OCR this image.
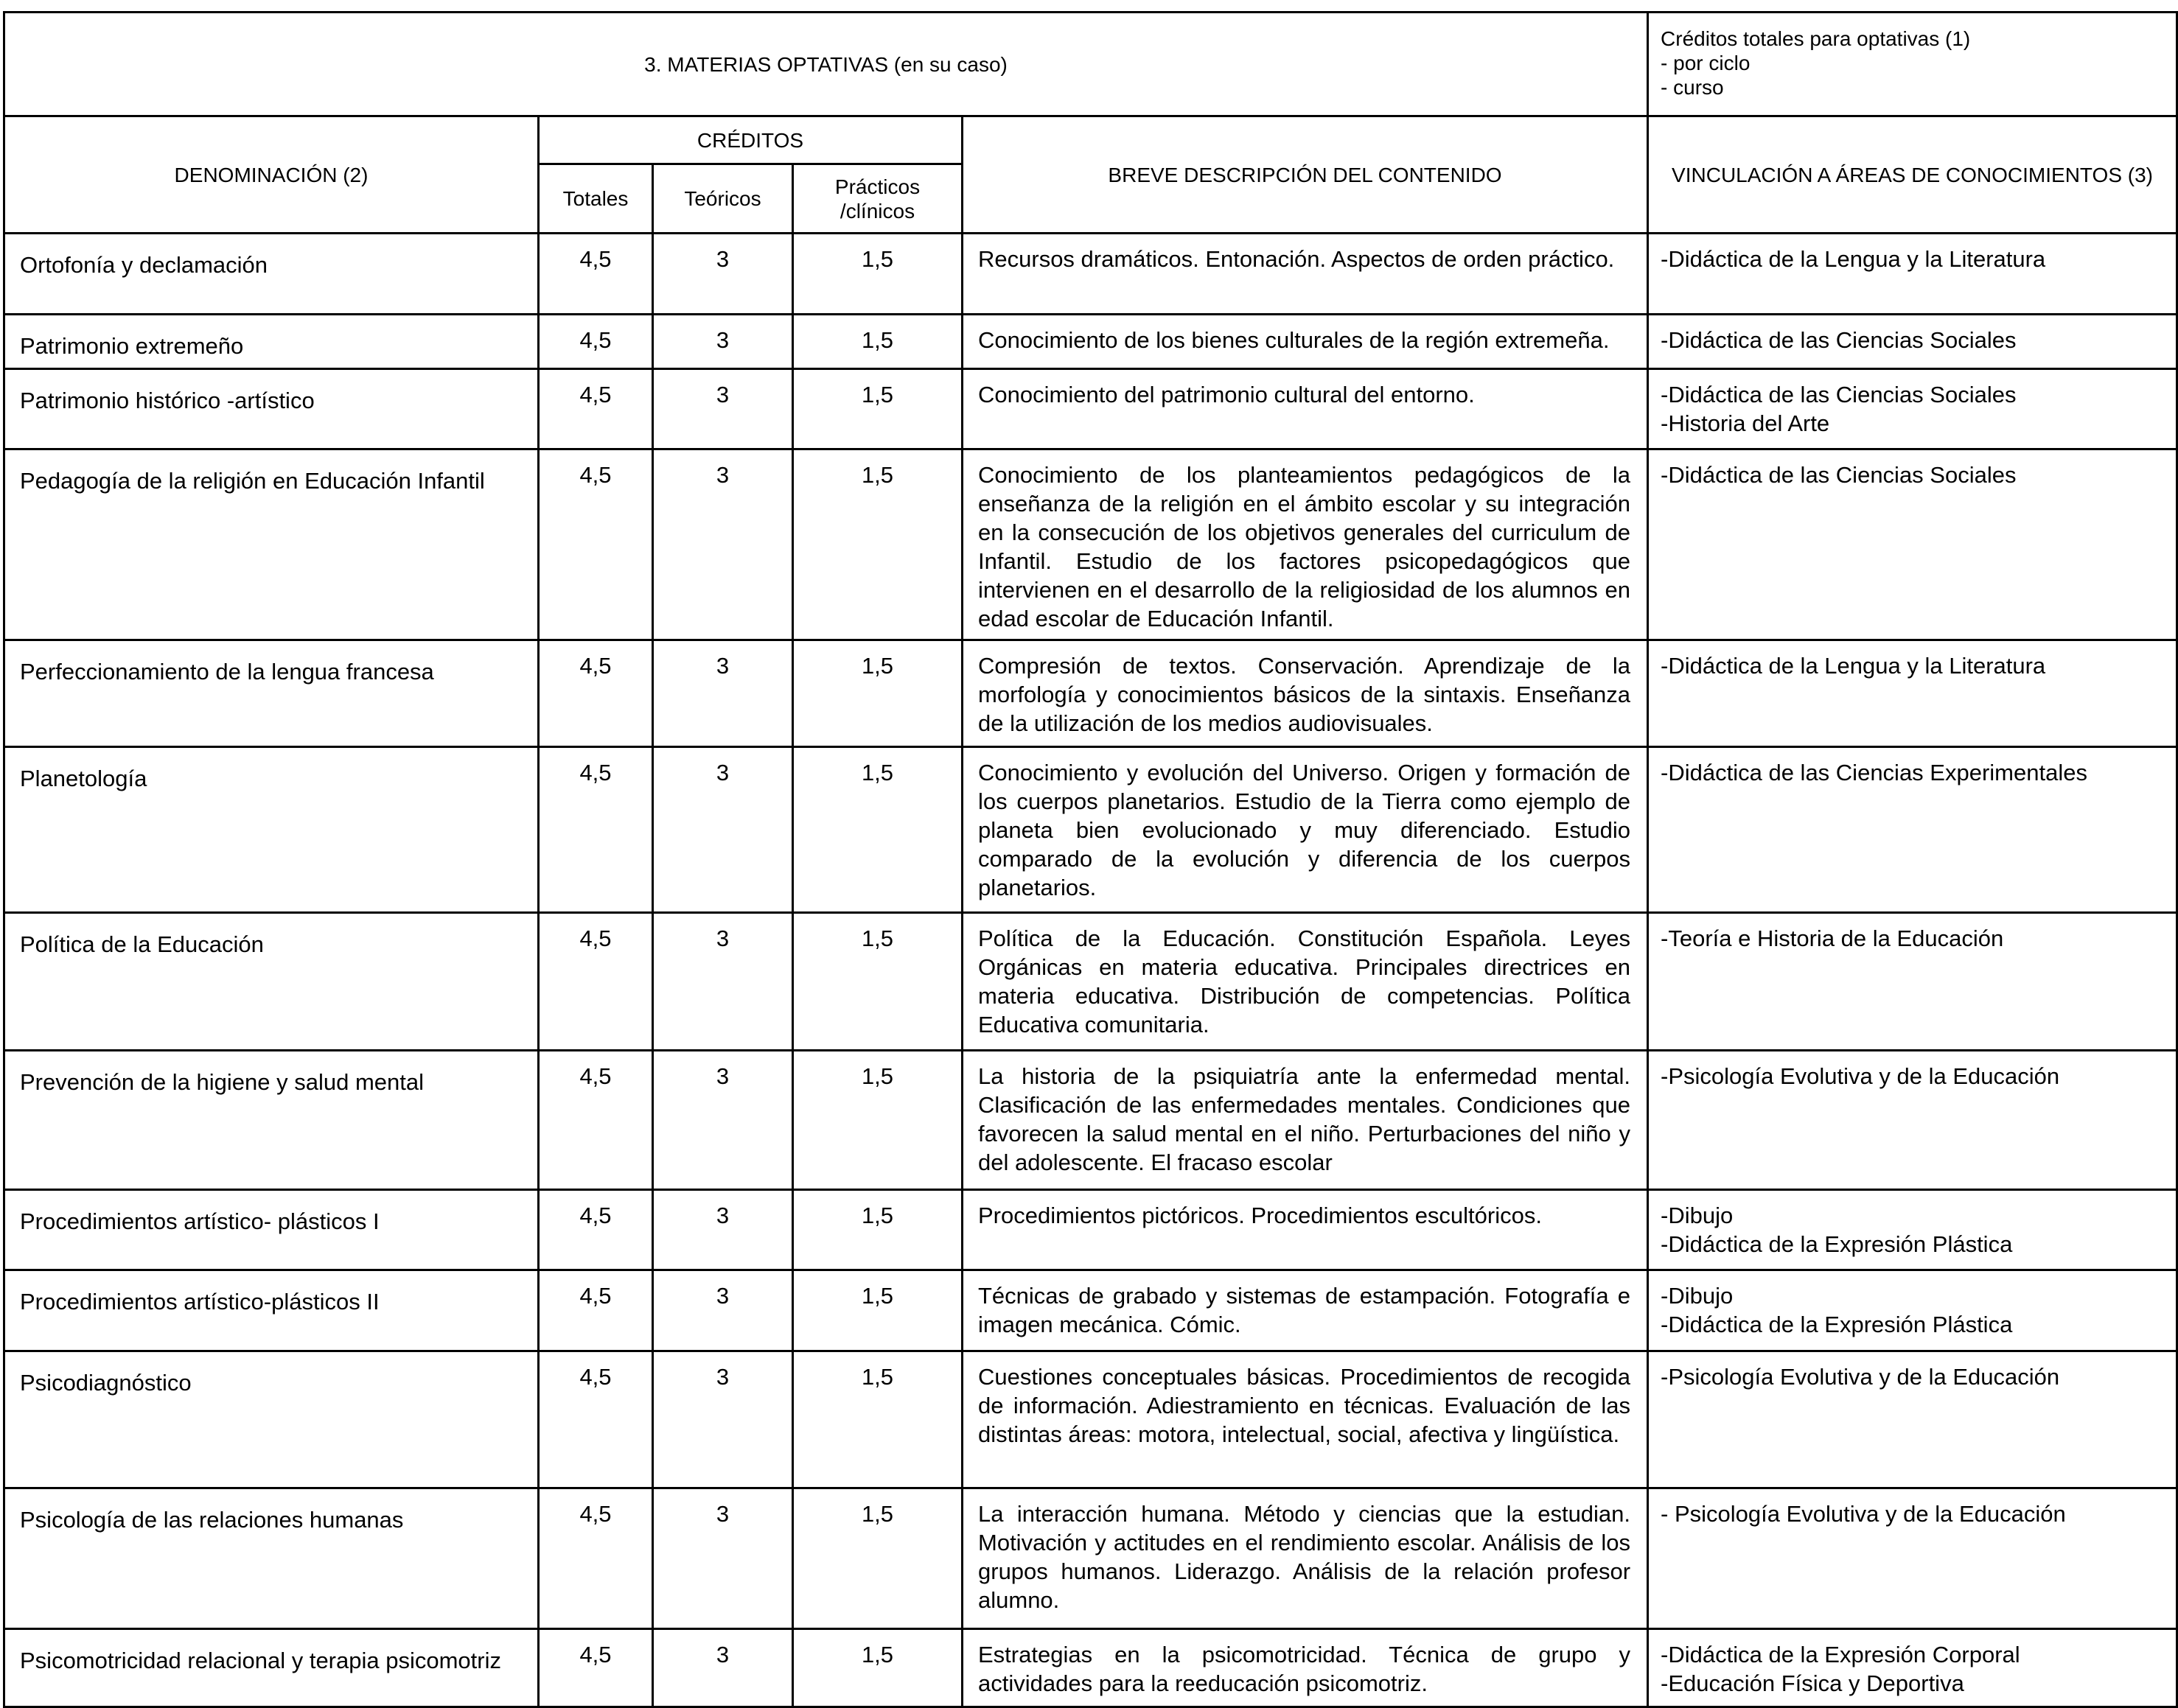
3. MATERIAS OPTATIVAS (en su caso)					Créditos totales para optativas (1)
- por ciclo
- curso

DENOMINACIÓN (2)	CRÉDITOS			BREVE DESCRIPCIÓN DEL CONTENIDO	VINCULACIÓN A ÁREAS DE CONOCIMIENTOS (3)
	Totales	Teóricos	Prácticos
/clínicos		

Ortofonía y declamación	4,5	3	1,5	Recursos dramáticos. Entonación. Aspectos de orden práctico.	-Didáctica de la Lengua y la Literatura

Patrimonio extremeño	4,5	3	1,5	Conocimiento de los bienes culturales de la región extremeña.	-Didáctica de las Ciencias Sociales

Patrimonio histórico -artístico	4,5	3	1,5	Conocimiento del patrimonio cultural del entorno.	-Didáctica de las Ciencias Sociales
-Historia del Arte

Pedagogía de la religión en Educación Infantil	4,5	3	1,5	Conocimiento de los planteamientos pedagógicos de la enseñanza de la religión en el ámbito escolar y su integración en la consecución de los objetivos generales del curriculum de Infantil. Estudio de los factores psicopedagógicos que intervienen en el desarrollo de la religiosidad de los alumnos en edad escolar de Educación Infantil.	-Didáctica de las Ciencias Sociales

Perfeccionamiento de la lengua francesa	4,5	3	1,5	Compresión de textos. Conservación. Aprendizaje de la morfología y conocimientos básicos de la sintaxis. Enseñanza de la utilización de los medios audiovisuales.	-Didáctica de la Lengua y la Literatura

Planetología	4,5	3	1,5	Conocimiento y evolución del Universo. Origen y formación de los cuerpos planetarios. Estudio de la Tierra como ejemplo de planeta bien evolucionado y muy diferenciado. Estudio comparado de la evolución y diferencia de los cuerpos planetarios.	-Didáctica de las Ciencias Experimentales

Política de la Educación	4,5	3	1,5	Política de la Educación. Constitución Española. Leyes Orgánicas en materia educativa. Principales directrices en materia educativa. Distribución de competencias. Política Educativa comunitaria.	-Teoría e Historia de la Educación

Prevención de la higiene y salud mental	4,5	3	1,5	La historia de la psiquiatría ante la enfermedad mental. Clasificación de las enfermedades mentales. Condiciones que favorecen la salud mental en el niño. Perturbaciones del niño y del adolescente. El fracaso escolar	-Psicología Evolutiva y de la Educación

Procedimientos artístico- plásticos I	4,5	3	1,5	Procedimientos pictóricos. Procedimientos escultóricos.	-Dibujo
-Didáctica de la Expresión Plástica

Procedimientos artístico-plásticos II	4,5	3	1,5	Técnicas de grabado y sistemas de estampación. Fotografía e imagen mecánica. Cómic.	-Dibujo
-Didáctica de la Expresión Plástica

Psicodiagnóstico	4,5	3	1,5	Cuestiones conceptuales básicas. Procedimientos de recogida de información. Adiestramiento en técnicas. Evaluación de las distintas áreas: motora, intelectual, social, afectiva y lingüística.	-Psicología Evolutiva y de la Educación

Psicología de las relaciones humanas	4,5	3	1,5	La interacción humana. Método y ciencias que la estudian. Motivación y actitudes en el rendimiento escolar. Análisis de los grupos humanos. Liderazgo. Análisis de la relación profesor alumno.	- Psicología Evolutiva y de la Educación

Psicomotricidad relacional y terapia psicomotriz	4,5	3	1,5	Estrategias en la psicomotricidad. Técnica de grupo y actividades para la reeducación psicomotriz.	-Didáctica de la Expresión Corporal
-Educación Física y Deportiva
